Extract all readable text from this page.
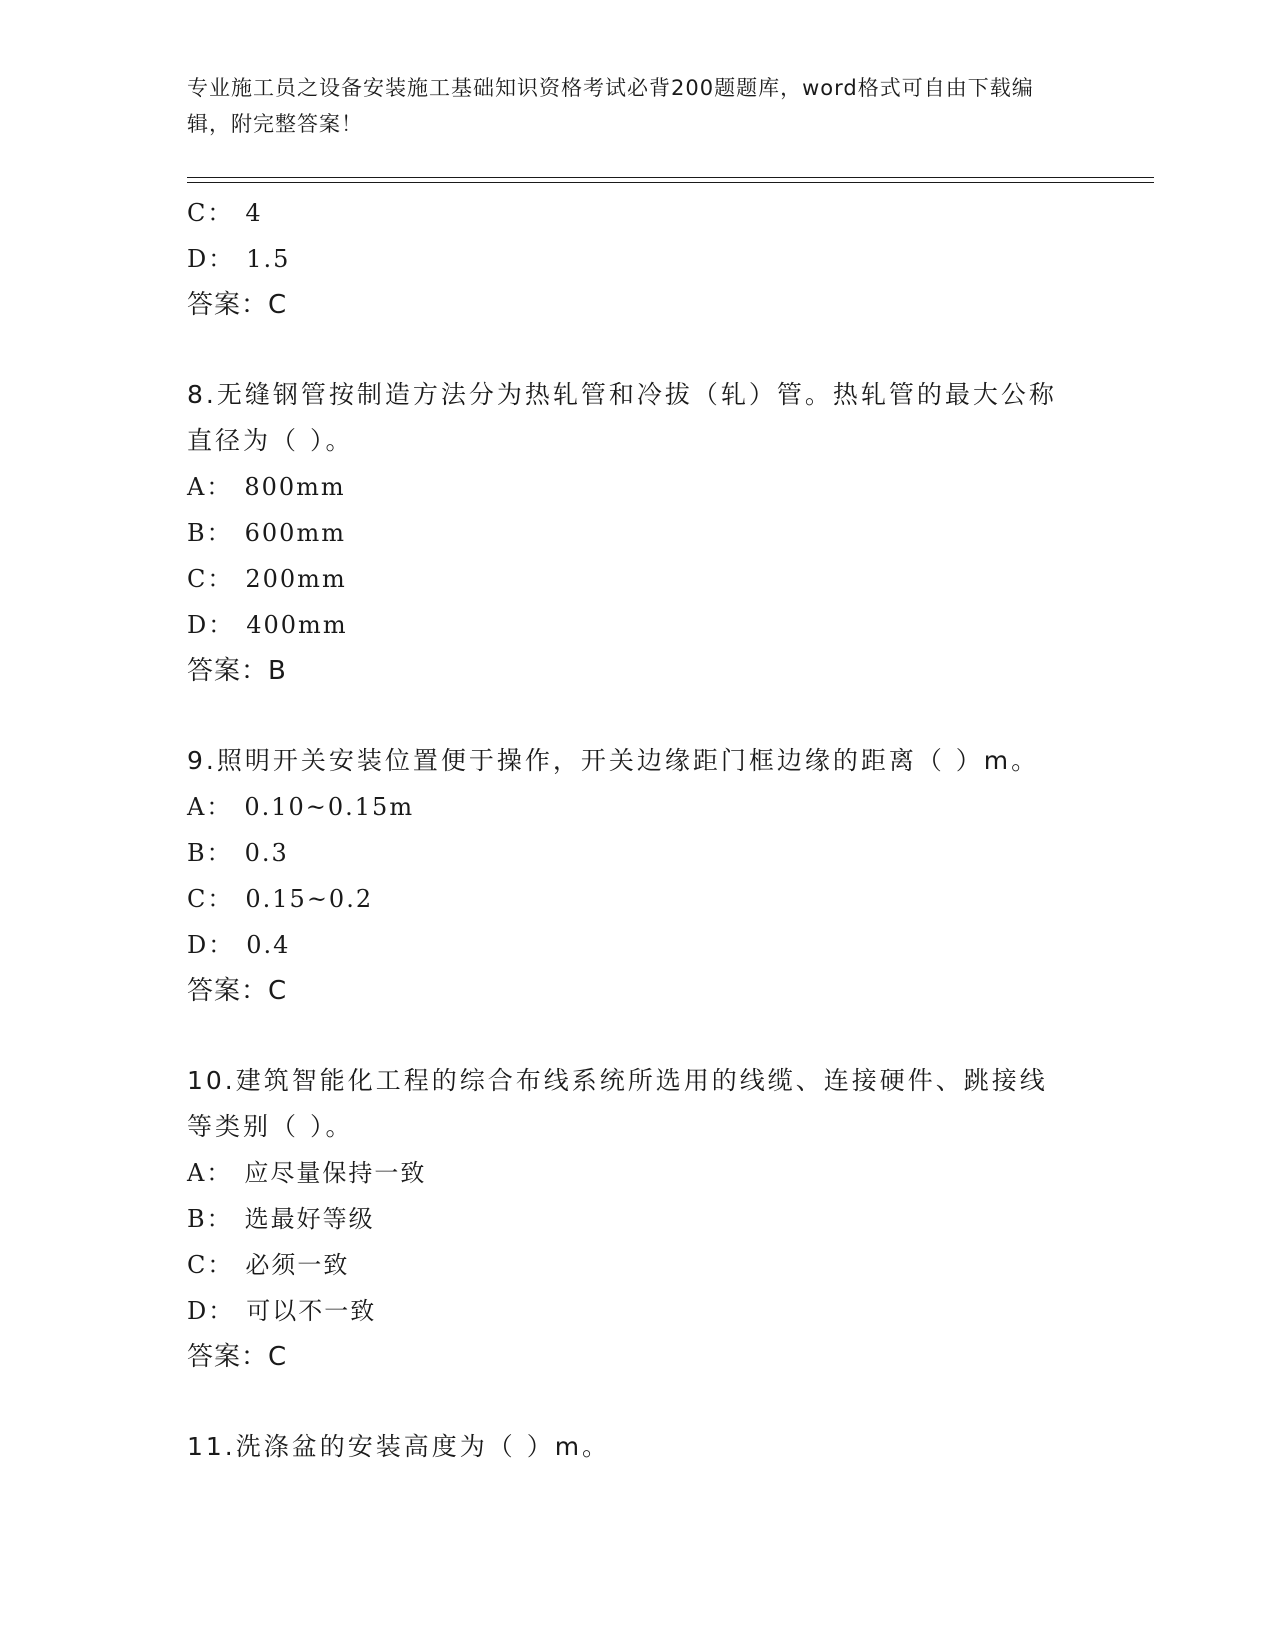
专业施工员之设备安装施工基础知识资格考试必背200题题库，word格式可自由下载编辑，附完整答案！
C： 4
D： 1.5
答案：C
8.无缝钢管按制造方法分为热轧管和冷拔（轧）管。热轧管的最大公称直径为（ ）。
A： 800mm
B： 600mm
C： 200mm
D： 400mm
答案：B
9.照明开关安装位置便于操作，开关边缘距门框边缘的距离（ ）m。
A： 0.10~0.15m
B： 0.3
C： 0.15~0.2
D： 0.4
答案：C
10.建筑智能化工程的综合布线系统所选用的线缆、连接硬件、跳接线等类别（ ）。
A： 应尽量保持一致
B： 选最好等级
C： 必须一致
D： 可以不一致
答案：C
11.洗涤盆的安装高度为（ ）m。
